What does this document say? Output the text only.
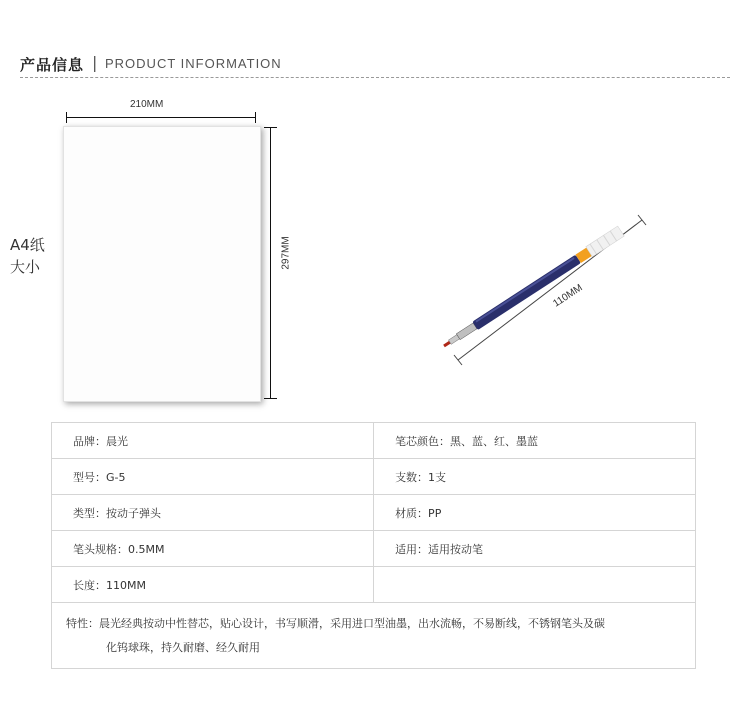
产品信息 | PRODUCT INFORMATION
210MM
297MM
A4纸
大小
110MM
品牌：晨光	笔芯颜色：黑、蓝、红、墨蓝
型号：G-5	支数：1支
类型：按动子弹头	材质：PP
笔头规格：0.5MM	适用：适用按动笔
长度：110MM	

特性：晨光经典按动中性替芯，贴心设计，书写顺滑，采用进口型油墨，出水流畅，不易断线，不锈钢笔头及碳
化钨球珠，持久耐磨、经久耐用	
